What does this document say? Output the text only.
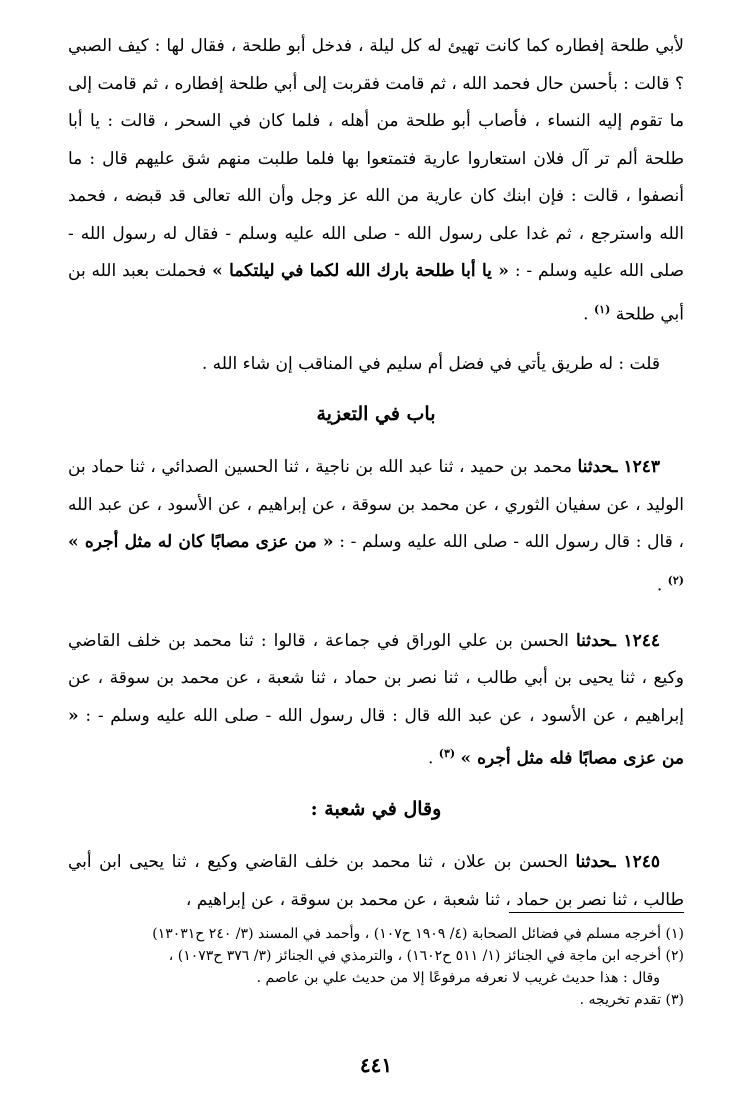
لأبي طلحة إفطاره كما كانت تهيئ له كل ليلة ، فدخل أبو طلحة ، فقال لها : كيف الصبي ؟ قالت : بأحسن حال فحمد الله ، ثم قامت فقربت إلى أبي طلحة إفطاره ، ثم قامت إلى ما تقوم إليه النساء ، فأصاب أبو طلحة من أهله ، فلما كان في السحر ، قالت : يا أبا طلحة ألم تر آل فلان استعاروا عارية فتمتعوا بها فلما طلبت منهم شق عليهم قال : ما أنصفوا ، قالت : فإن ابنك كان عارية من الله عز وجل وأن الله تعالى قد قبضه ، فحمد الله واسترجع ، ثم غدا على رسول الله - صلى الله عليه وسلم - فقال له رسول الله - صلى الله عليه وسلم - : « يا أبا طلحة بارك الله لكما في ليلتكما » فحملت بعبد الله بن أبي طلحة $^{(١)}$ .

قلت : له طريق يأتي في فضل أم سليم في المناقب إن شاء الله .

باب في التعزية

١٢٤٣ ـحدثنا محمد بن حميد ، ثنا عبد الله بن ناجية ، ثنا الحسين الصدائي ، ثنا حماد بن الوليد ، عن سفيان الثوري ، عن محمد بن سوقة ، عن إبراهيم ، عن الأسود ، عن عبد الله ، قال : قال رسول الله - صلى الله عليه وسلم - : « من عزى مصابًا كان له مثل أجره » $^{(٢)}$ .

١٢٤٤ ـحدثنا الحسن بن علي الوراق في جماعة ، قالوا : ثنا محمد بن خلف القاضي وكيع ، ثنا يحيى بن أبي طالب ، ثنا نصر بن حماد ، ثنا شعبة ، عن محمد بن سوقة ، عن إبراهيم ، عن الأسود ، عن عبد الله قال : قال رسول الله - صلى الله عليه وسلم - : « من عزى مصابًا فله مثل أجره » $^{(٣)}$ .

وقال في شعبة :

١٢٤٥ ـحدثنا الحسن بن علان ، ثنا محمد بن خلف القاضي وكيع ، ثنا يحيى ابن أبي طالب ، ثنا نصر بن حماد ، ثنا شعبة ، عن محمد بن سوقة ، عن إبراهيم ،

(١) أخرجه مسلم في فضائل الصحابة (٤/ ١٩٠٩ ح١٠٧) ، وأحمد في المسند (٣/ ٢٤٠ ح١٣٠٣١)

(٢) أخرجه ابن ماجة في الجنائز (١/ ٥١١ ح١٦٠٢) ، والترمذي في الجنائز (٣/ ٣٧٦ ح١٠٧٣) ،

وقال : هذا حديث غريب لا نعرفه مرفوعًا إلا من حديث علي بن عاصم .

(٣) تقدم تخريجه .

٤٤١
